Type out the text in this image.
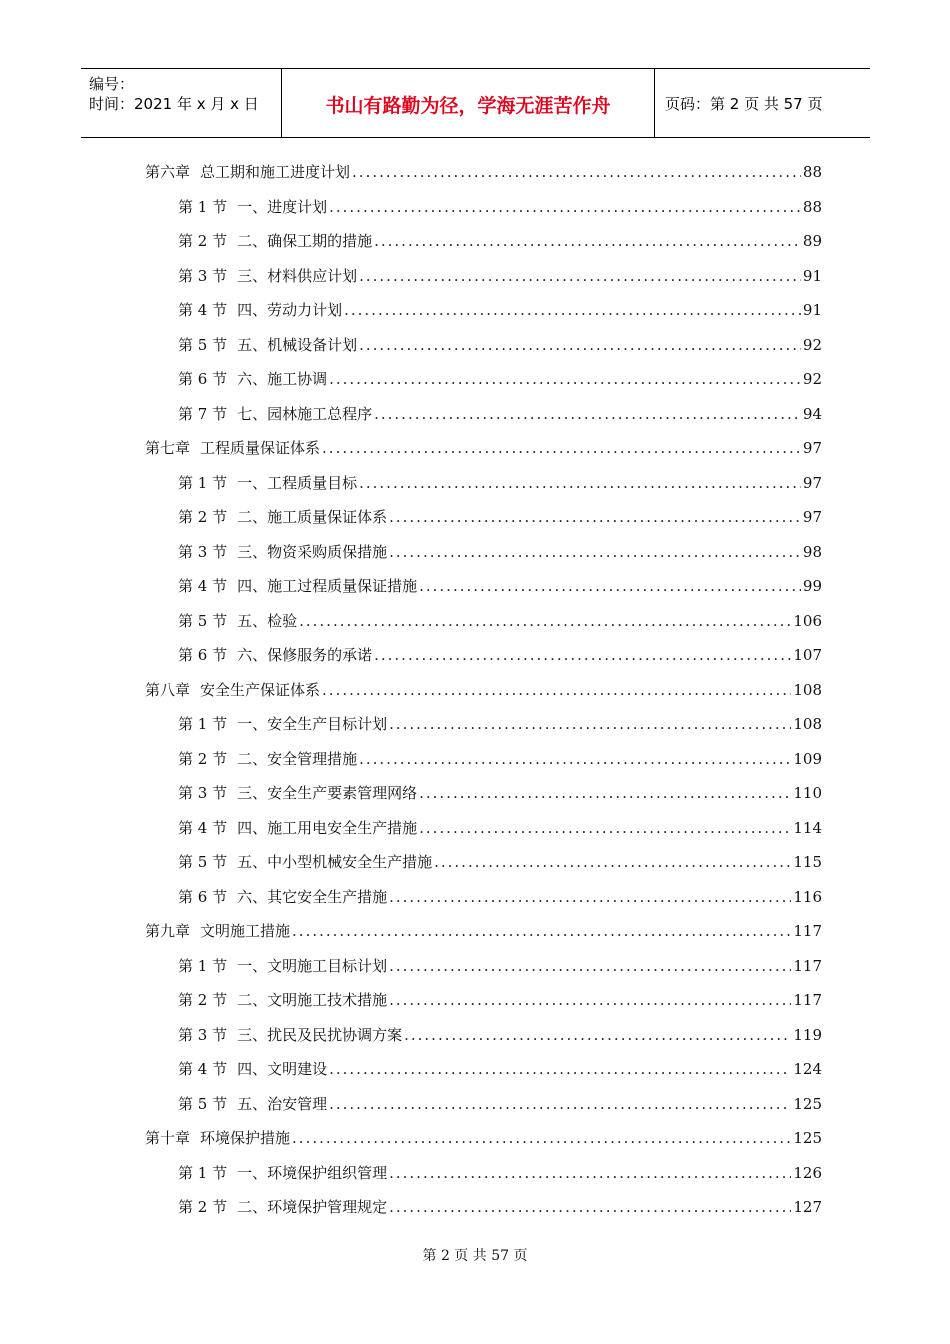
编号：
时间：2021 年 x 月 x 日	书山有路勤为径，学海无涯苦作舟	页码：第 2 页 共 57 页
第六章 总工期和施工进度计划 .....	88
第 1 节 一、进度计划 .....	88
第 2 节 二、确保工期的措施 .....	89
第 3 节 三、材料供应计划 .....	91
第 4 节 四、劳动力计划 .....	91
第 5 节 五、机械设备计划 .....	92
第 6 节 六、施工协调 .....	92
第 7 节 七、园林施工总程序 .....	94
第七章 工程质量保证体系 .....	97
第 1 节 一、工程质量目标 .....	97
第 2 节 二、施工质量保证体系 .....	97
第 3 节 三、物资采购质保措施 .....	98
第 4 节 四、施工过程质量保证措施 .....	99
第 5 节 五、检验 .....	106
第 6 节 六、保修服务的承诺 .....	107
第八章 安全生产保证体系 .....	108
第 1 节 一、安全生产目标计划 .....	108
第 2 节 二、安全管理措施 .....	109
第 3 节 三、安全生产要素管理网络 .....	110
第 4 节 四、施工用电安全生产措施 .....	114
第 5 节 五、中小型机械安全生产措施 .....	115
第 6 节 六、其它安全生产措施 .....	116
第九章 文明施工措施 .....	117
第 1 节 一、文明施工目标计划 .....	117
第 2 节 二、文明施工技术措施 .....	117
第 3 节 三、扰民及民扰协调方案 .....	119
第 4 节 四、文明建设 .....	124
第 5 节 五、治安管理 .....	125
第十章 环境保护措施 .....	125
第 1 节 一、环境保护组织管理 .....	126
第 2 节 二、环境保护管理规定 .....	127
第 2 页 共 57 页
